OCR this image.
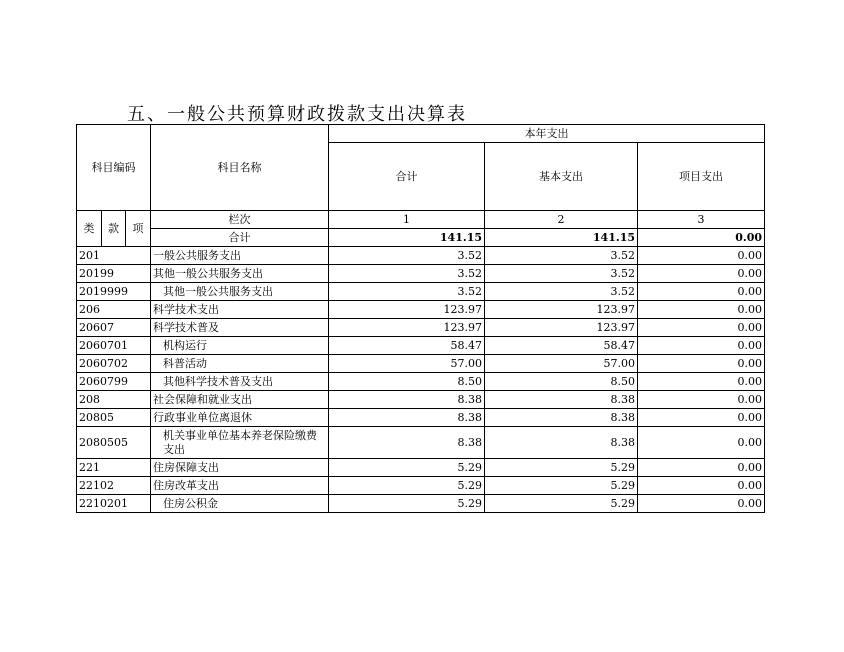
五、一般公共预算财政拨款支出决算表
科目编码			科目名称	本年支出		
				合计	基本支出	项目支出
类	款	项	栏次	1	2	3
			合计	141.15	141.15	0.00
201			一般公共服务支出	3.52	3.52	0.00
20199			其他一般公共服务支出	3.52	3.52	0.00
2019999			其他一般公共服务支出	3.52	3.52	0.00
206			科学技术支出	123.97	123.97	0.00
20607			科学技术普及	123.97	123.97	0.00
2060701			机构运行	58.47	58.47	0.00
2060702			科普活动	57.00	57.00	0.00
2060799			其他科学技术普及支出	8.50	8.50	0.00
208			社会保障和就业支出	8.38	8.38	0.00
20805			行政事业单位离退休	8.38	8.38	0.00
2080505			机关事业单位基本养老保险缴费支出	8.38	8.38	0.00
221			住房保障支出	5.29	5.29	0.00
22102			住房改革支出	5.29	5.29	0.00
2210201			住房公积金	5.29	5.29	0.00
